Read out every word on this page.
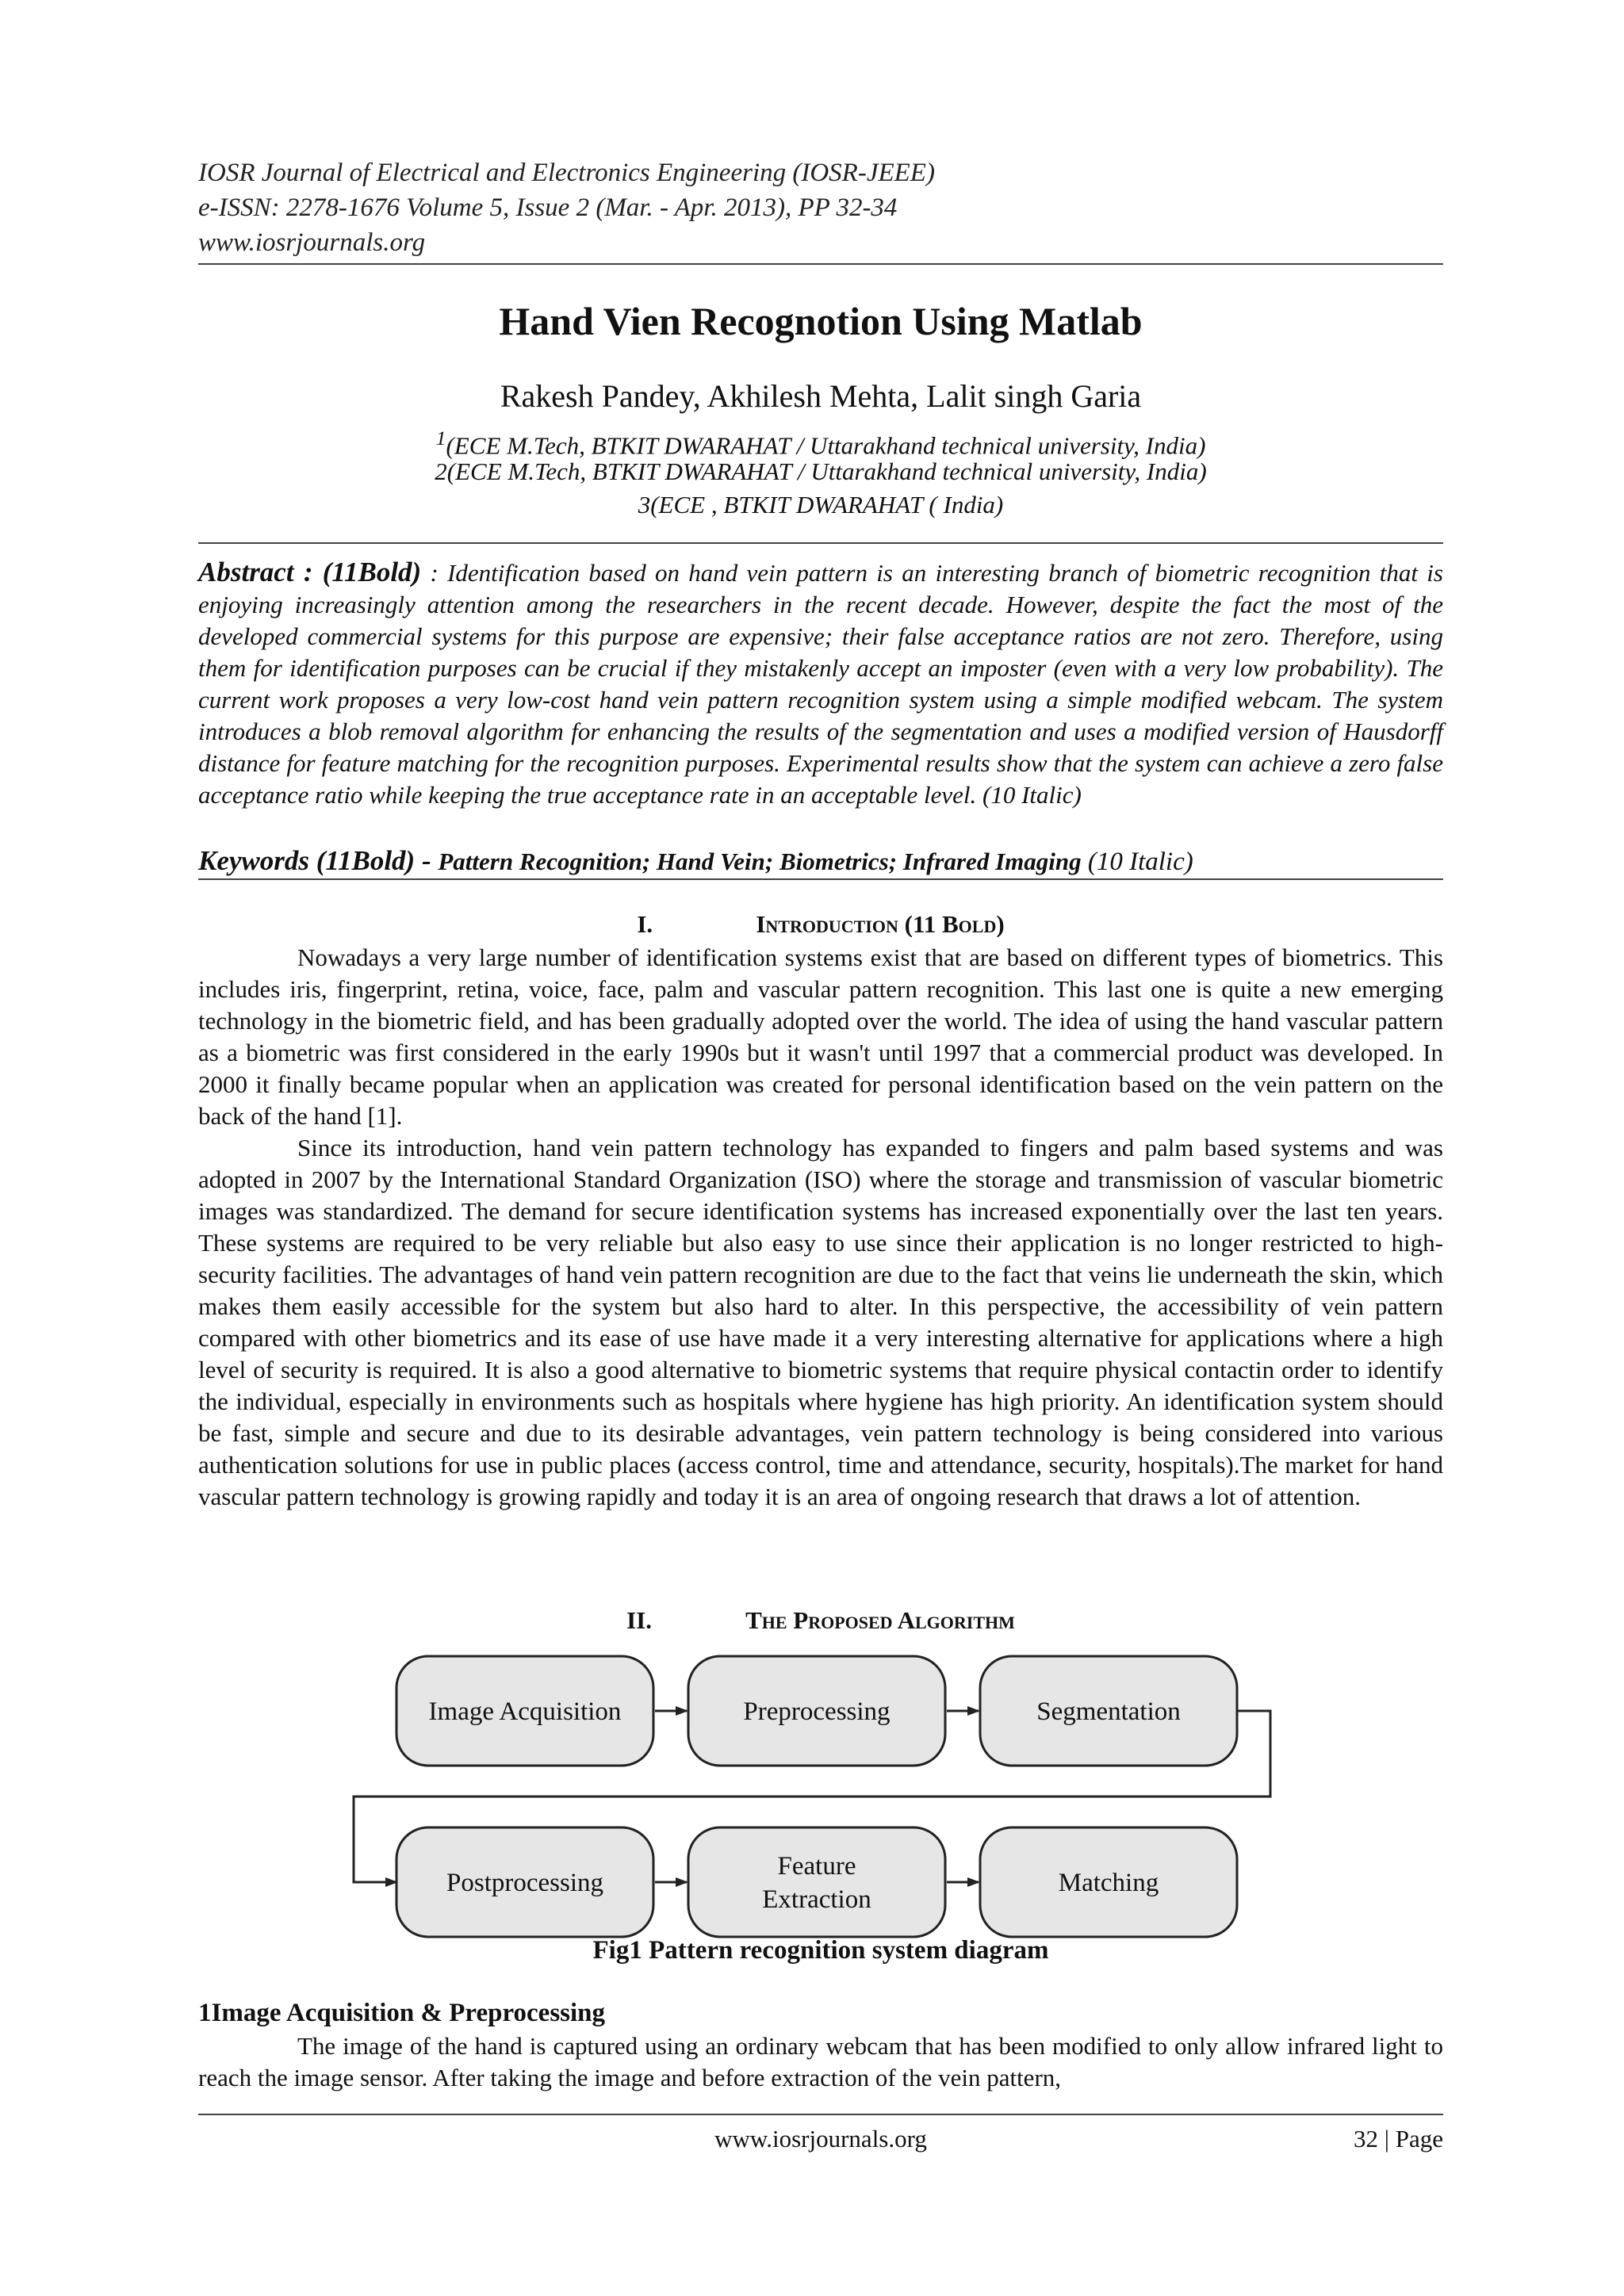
IOSR Journal of Electrical and Electronics Engineering (IOSR-JEEE)
e-ISSN: 2278-1676 Volume 5, Issue 2 (Mar. - Apr. 2013), PP 32-34
www.iosrjournals.org
Hand Vien Recognotion Using Matlab
Rakesh Pandey, Akhilesh Mehta, Lalit singh Garia
$^1$(ECE M.Tech, BTKIT DWARAHAT / Uttarakhand technical university, India)
2(ECE M.Tech, BTKIT DWARAHAT / Uttarakhand technical university, India)
3(ECE , BTKIT DWARAHAT ( India)
Abstract : (11Bold) : Identification based on hand vein pattern is an interesting branch of biometric recognition that is enjoying increasingly attention among the researchers in the recent decade. However, despite the fact the most of the developed commercial systems for this purpose are expensive; their false acceptance ratios are not zero. Therefore, using them for identification purposes can be crucial if they mistakenly accept an imposter (even with a very low probability). The current work proposes a very low-cost hand vein pattern recognition system using a simple modified webcam. The system introduces a blob removal algorithm for enhancing the results of the segmentation and uses a modified version of Hausdorff distance for feature matching for the recognition purposes. Experimental results show that the system can achieve a zero false acceptance ratio while keeping the true acceptance rate in an acceptable level. (10 Italic)
Keywords (11Bold) - Pattern Recognition; Hand Vein; Biometrics; Infrared Imaging (10 Italic)
I.	Introduction (11 Bold)

Nowadays a very large number of identification systems exist that are based on different types of biometrics. This includes iris, fingerprint, retina, voice, face, palm and vascular pattern recognition. This last one is quite a new emerging technology in the biometric field, and has been gradually adopted over the world. The idea of using the hand vascular pattern as a biometric was first considered in the early 1990s but it wasn't until 1997 that a commercial product was developed. In 2000 it finally became popular when an application was created for personal identification based on the vein pattern on the back of the hand [1].

Since its introduction, hand vein pattern technology has expanded to fingers and palm based systems and was adopted in 2007 by the International Standard Organization (ISO) where the storage and transmission of vascular biometric images was standardized. The demand for secure identification systems has increased exponentially over the last ten years. These systems are required to be very reliable but also easy to use since their application is no longer restricted to high-security facilities. The advantages of hand vein pattern recognition are due to the fact that veins lie underneath the skin, which makes them easily accessible for the system but also hard to alter. In this perspective, the accessibility of vein pattern compared with other biometrics and its ease of use have made it a very interesting alternative for applications where a high level of security is required. It is also a good alternative to biometric systems that require physical contactin order to identify the individual, especially in environments such as hospitals where hygiene has high priority. An identification system should be fast, simple and secure and due to its desirable advantages, vein pattern technology is being considered into various authentication solutions for use in public places (access control, time and attendance, security, hospitals).The market for hand vascular pattern technology is growing rapidly and today it is an area of ongoing research that draws a lot of attention.

II.	The Proposed Algorithm
Image Acquisition	Preprocessing	Segmentation
Postprocessing
Feature
Extraction
Matching
Fig1 Pattern recognition system diagram
1Image Acquisition & Preprocessing

The image of the hand is captured using an ordinary webcam that has been modified to only allow infrared light to reach the image sensor. After taking the image and before extraction of the vein pattern,

www.iosrjournals.org	32 | Page
